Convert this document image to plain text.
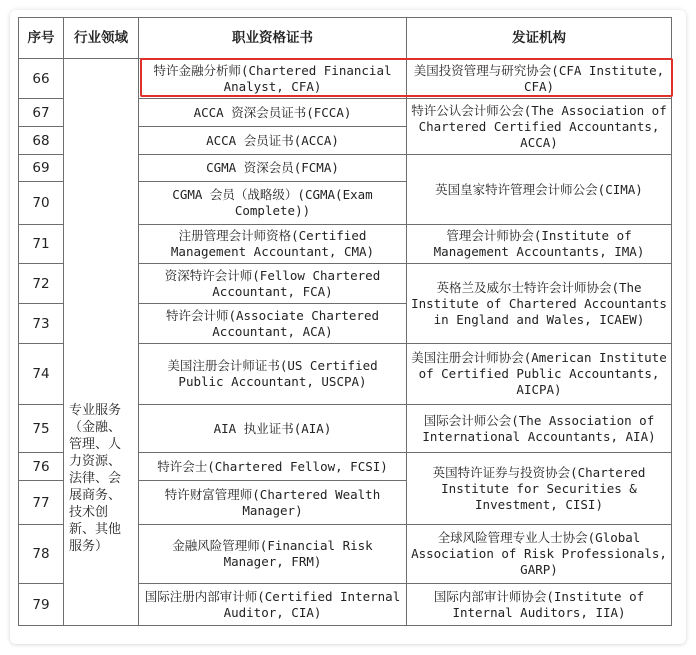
序号	行业领域	职业资格证书	发证机构
66	专业服务（金融、管理、人力资源、法律、会展商务、技术创新、其他服务）	特许金融分析师(Chartered Financial Analyst, CFA)	美国投资管理与研究协会(CFA Institute, CFA)
67		ACCA 资深会员证书(FCCA)	特许公认会计师公会(The Association of Chartered Certified Accountants, ACCA)
68		ACCA 会员证书(ACCA)	
69		CGMA 资深会员(FCMA)	英国皇家特许管理会计师公会(CIMA)
70		CGMA 会员（战略级）(CGMA(Exam Complete))	
71		注册管理会计师资格(Certified Management Accountant, CMA)	管理会计师协会(Institute of Management Accountants, IMA)
72		资深特许会计师(Fellow Chartered Accountant, FCA)	英格兰及威尔士特许会计师协会(The Institute of Chartered Accountants in England and Wales, ICAEW)
73		特许会计师(Associate Chartered Accountant, ACA)	
74		美国注册会计师证书(US Certified Public Accountant, USCPA)	美国注册会计师协会(American Institute of Certified Public Accountants, AICPA)
75		AIA 执业证书(AIA)	国际会计师公会(The Association of International Accountants, AIA)
76		特许会士(Chartered Fellow, FCSI)	英国特许证券与投资协会(Chartered Institute for Securities & Investment, CISI)
77		特许财富管理师(Chartered Wealth Manager)	
78		金融风险管理师(Financial Risk Manager, FRM)	全球风险管理专业人士协会(Global Association of Risk Professionals, GARP)
79		国际注册内部审计师(Certified Internal Auditor, CIA)	国际内部审计师协会(Institute of Internal Auditors, IIA)
